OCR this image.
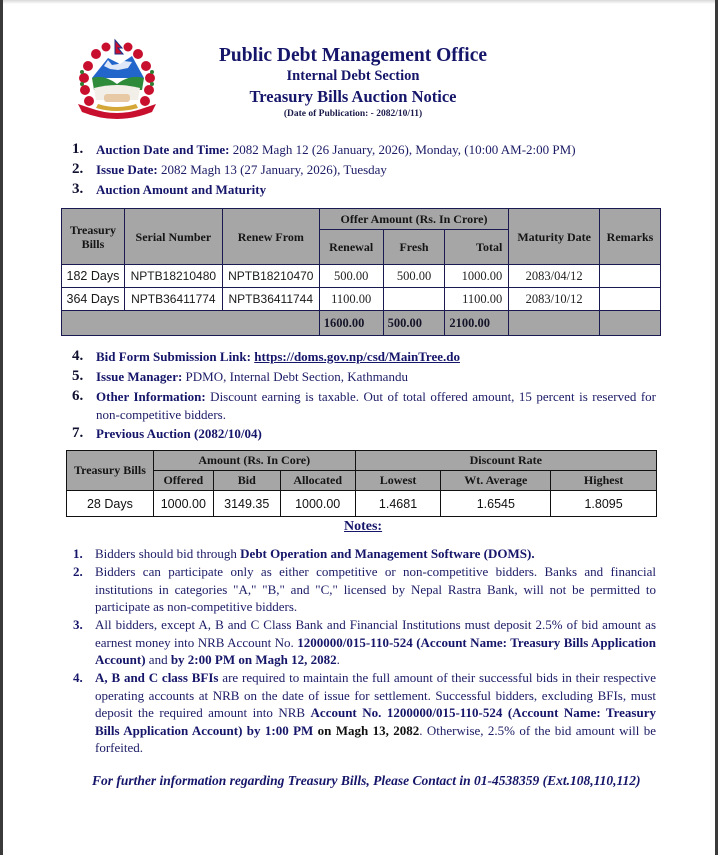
Public Debt Management Office
Internal Debt Section
Treasury Bills Auction Notice
(Date of Publication: - 2082/10/11)
1. Auction Date and Time: 2082 Magh 12 (26 January, 2026), Monday, (10:00 AM-2:00 PM)
2. Issue Date: 2082 Magh 13 (27 January, 2026), Tuesday
3. Auction Amount and Maturity
Treasury Bills	Serial Number	Renew From	Offer Amount (Rs. In Crore)			Maturity Date	Remarks
			Renewal	Fresh	Total		
182 Days	NPTB18210480	NPTB18210470	500.00	500.00	1000.00	2083/04/12	
364 Days	NPTB36411774	NPTB36411744	1100.00		1100.00	2083/10/12	
			1600.00	500.00	2100.00		
4. Bid Form Submission Link: https://doms.gov.np/csd/MainTree.do
5. Issue Manager: PDMO, Internal Debt Section, Kathmandu
6. Other Information: Discount earning is taxable. Out of total offered amount, 15 percent is reserved for non-competitive bidders.
7. Previous Auction (2082/10/04)
Treasury Bills	Amount (Rs. In Core)			Discount Rate		
	Offered	Bid	Allocated	Lowest	Wt. Average	Highest
28 Days	1000.00	3149.35	1000.00	1.4681	1.6545	1.8095
Notes:
1. Bidders should bid through Debt Operation and Management Software (DOMS).
2. Bidders can participate only as either competitive or non-competitive bidders. Banks and financial institutions in categories "A," "B," and "C," licensed by Nepal Rastra Bank, will not be permitted to participate as non-competitive bidders.
3. All bidders, except A, B and C Class Bank and Financial Institutions must deposit 2.5% of bid amount as earnest money into NRB Account No. 1200000/015-110-524 (Account Name: Treasury Bills Application Account) and by 2:00 PM on Magh 12, 2082.
4. A, B and C class BFIs are required to maintain the full amount of their successful bids in their respective operating accounts at NRB on the date of issue for settlement. Successful bidders, excluding BFIs, must deposit the required amount into NRB Account No. 1200000/015-110-524 (Account Name: Treasury Bills Application Account) by 1:00 PM on Magh 13, 2082. Otherwise, 2.5% of the bid amount will be forfeited.
For further information regarding Treasury Bills, Please Contact in 01-4538359 (Ext.108,110,112)
